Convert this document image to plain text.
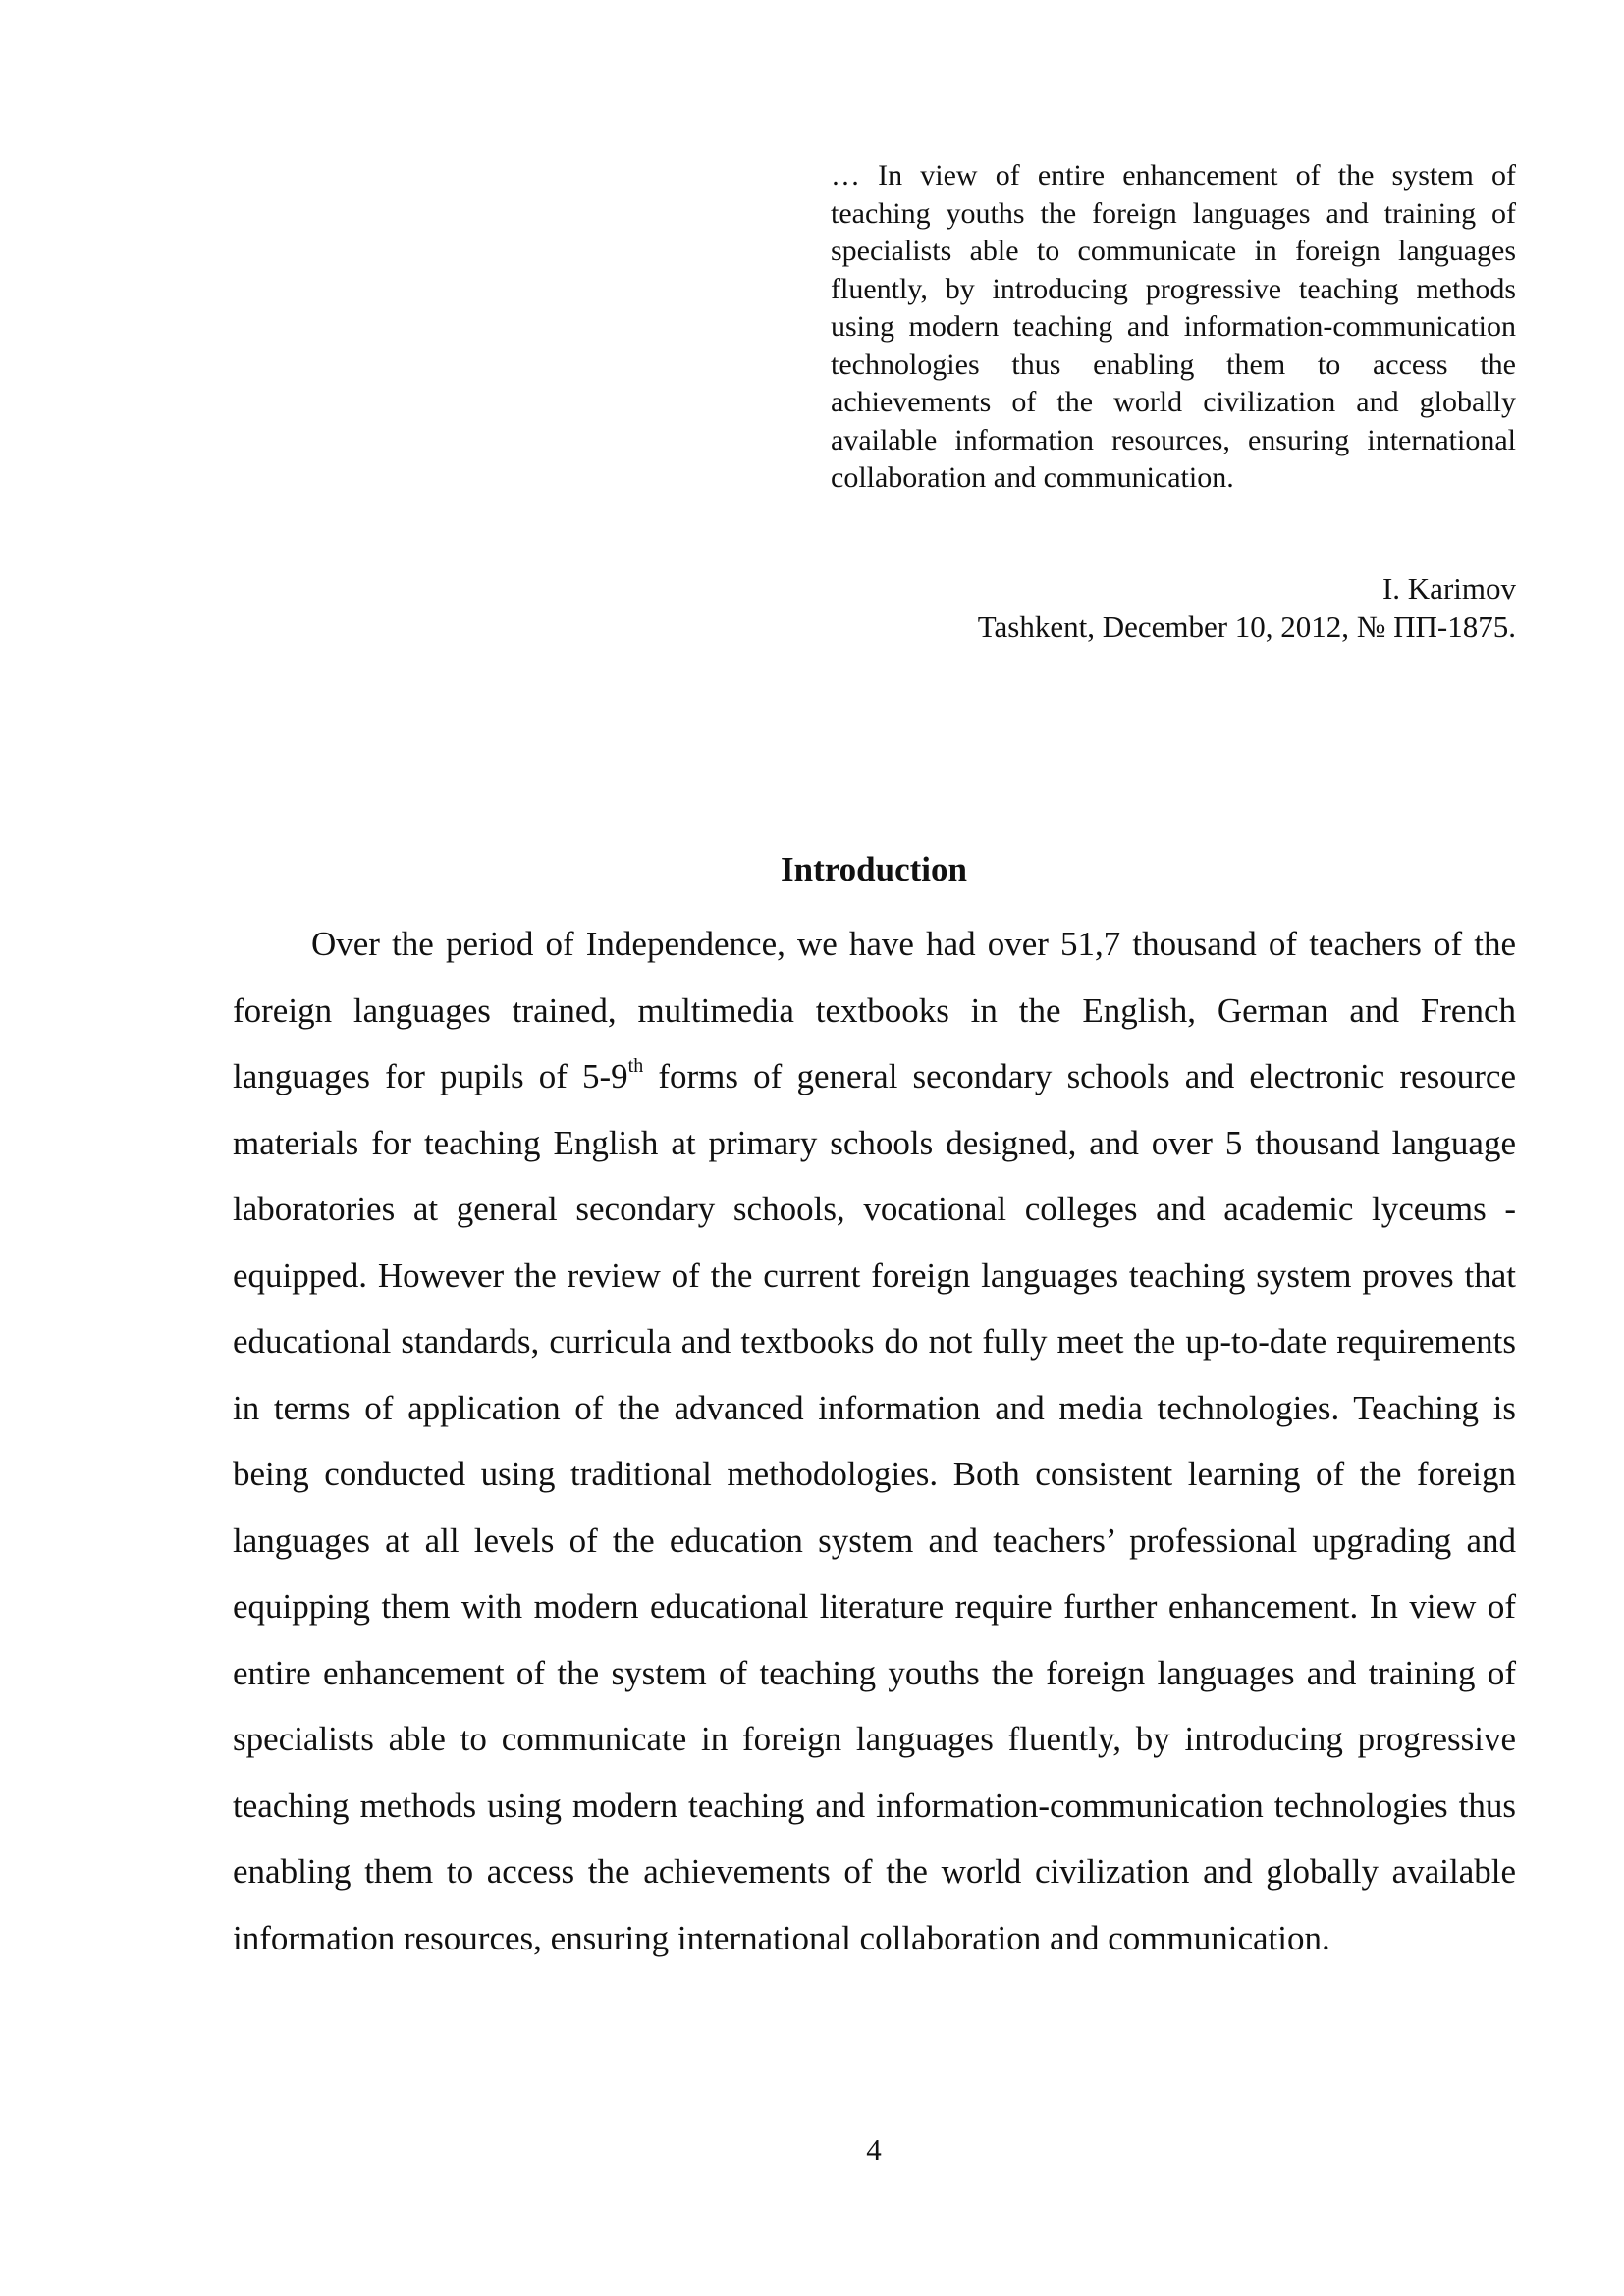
… In view of entire enhancement of the system of teaching youths the foreign languages and training of specialists able to communicate in foreign languages fluently, by introducing progressive teaching methods using modern teaching and information-communication technologies thus enabling them to access the achievements of the world civilization and globally available information resources, ensuring international collaboration and communication.

I. Karimov
Tashkent, December 10, 2012, № ПП-1875.
Introduction

Over the period of Independence, we have had over 51,7 thousand of teachers of the foreign languages trained, multimedia textbooks in the English, German and French languages for pupils of 5-9th forms of general secondary schools and electronic resource materials for teaching English at primary schools designed, and over 5 thousand language laboratories at general secondary schools, vocational colleges and academic lyceums - equipped. However the review of the current foreign languages teaching system proves that educational standards, curricula and textbooks do not fully meet the up-to-date requirements in terms of application of the advanced information and media technologies. Teaching is being conducted using traditional methodologies. Both consistent learning of the foreign languages at all levels of the education system and teachers’ professional upgrading and equipping them with modern educational literature require further enhancement. In view of entire enhancement of the system of teaching youths the foreign languages and training of specialists able to communicate in foreign languages fluently, by introducing progressive teaching methods using modern teaching and information-communication technologies thus enabling them to access the achievements of the world civilization and globally available information resources, ensuring international collaboration and communication.

4
